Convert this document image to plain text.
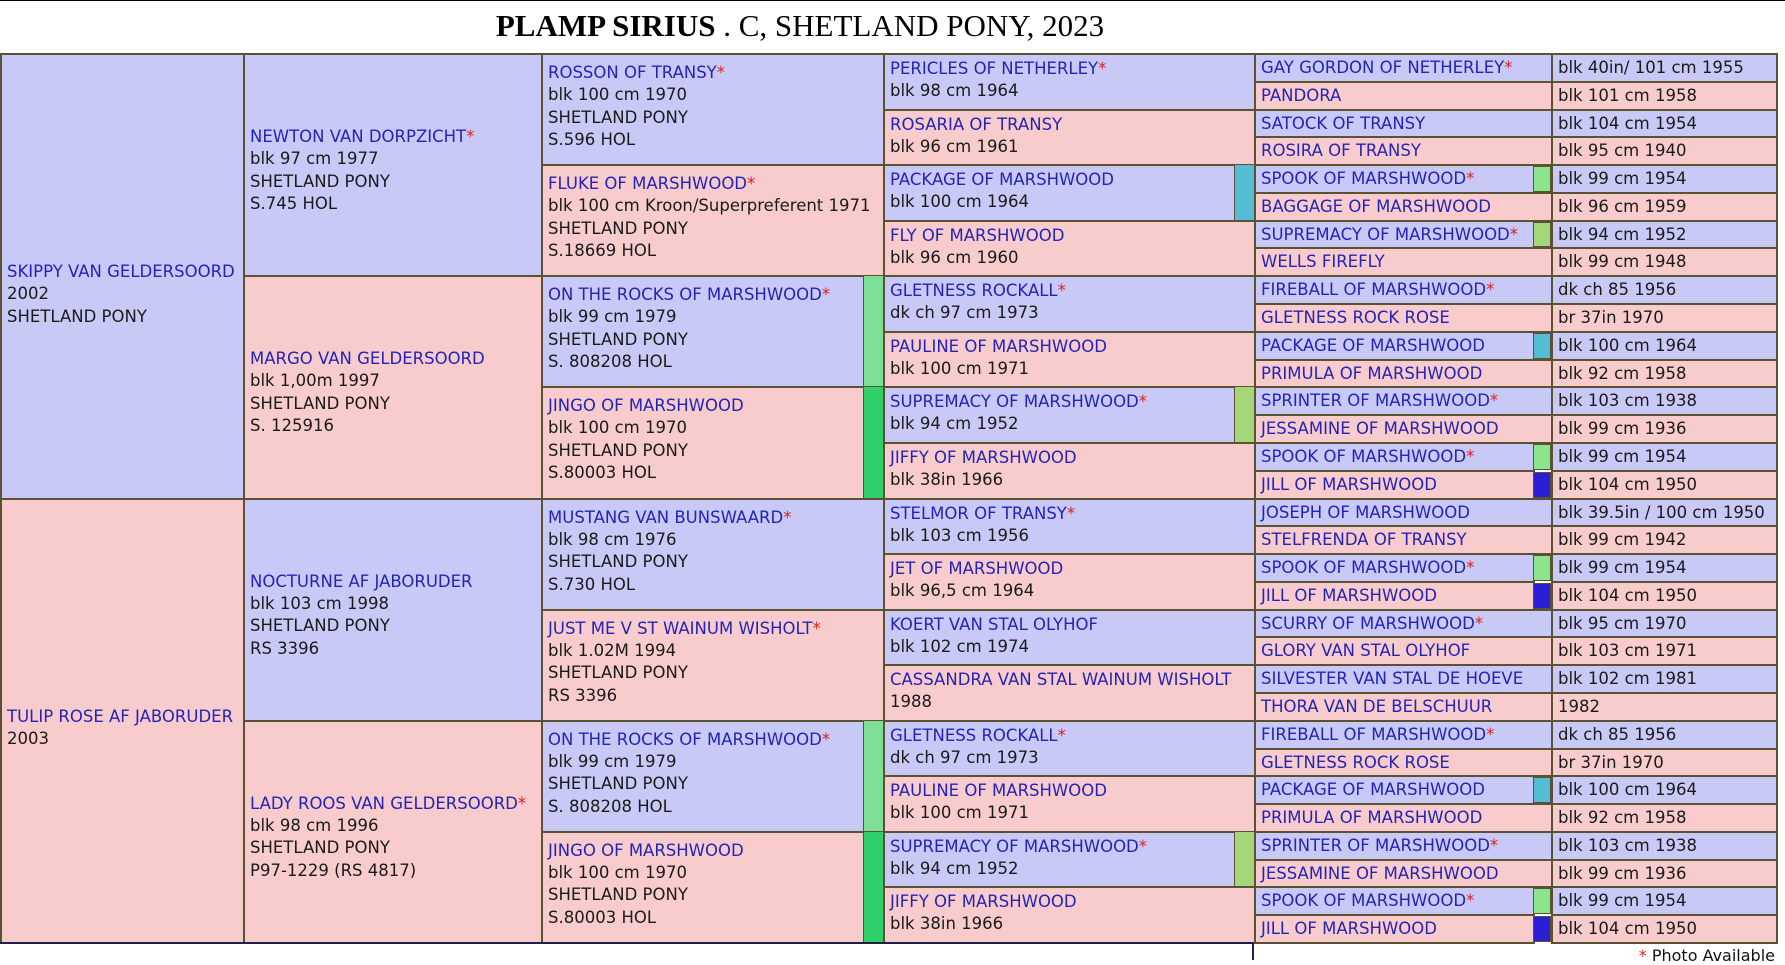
PLAMP SIRIUS . C, SHETLAND PONY, 2023
SKIPPY VAN GELDERSOORD
2002
SHETLAND PONY
TULIP ROSE AF JABORUDER
2003
NEWTON VAN DORPZICHT*
blk 97 cm 1977
SHETLAND PONY
S.745 HOL
MARGO VAN GELDERSOORD
blk 1,00m 1997
SHETLAND PONY
S. 125916
NOCTURNE AF JABORUDER
blk 103 cm 1998
SHETLAND PONY
RS 3396
LADY ROOS VAN GELDERSOORD*
blk 98 cm 1996
SHETLAND PONY
P97-1229 (RS 4817)
ROSSON OF TRANSY*
blk 100 cm 1970
SHETLAND PONY
S.596 HOL
FLUKE OF MARSHWOOD*
blk 100 cm Kroon/Superpreferent 1971
SHETLAND PONY
S.18669 HOL
ON THE ROCKS OF MARSHWOOD*
blk 99 cm 1979
SHETLAND PONY
S. 808208 HOL
JINGO OF MARSHWOOD
blk 100 cm 1970
SHETLAND PONY
S.80003 HOL
MUSTANG VAN BUNSWAARD*
blk 98 cm 1976
SHETLAND PONY
S.730 HOL
JUST ME V ST WAINUM WISHOLT*
blk 1.02M 1994
SHETLAND PONY
RS 3396
ON THE ROCKS OF MARSHWOOD*
blk 99 cm 1979
SHETLAND PONY
S. 808208 HOL
JINGO OF MARSHWOOD
blk 100 cm 1970
SHETLAND PONY
S.80003 HOL
PERICLES OF NETHERLEY*
blk 98 cm 1964
ROSARIA OF TRANSY
blk 96 cm 1961
PACKAGE OF MARSHWOOD
blk 100 cm 1964
FLY OF MARSHWOOD
blk 96 cm 1960
GLETNESS ROCKALL*
dk ch 97 cm 1973
PAULINE OF MARSHWOOD
blk 100 cm 1971
SUPREMACY OF MARSHWOOD*
blk 94 cm 1952
JIFFY OF MARSHWOOD
blk 38in 1966
STELMOR OF TRANSY*
blk 103 cm 1956
JET OF MARSHWOOD
blk 96,5 cm 1964
KOERT VAN STAL OLYHOF
blk 102 cm 1974
CASSANDRA VAN STAL WAINUM WISHOLT
1988
GLETNESS ROCKALL*
dk ch 97 cm 1973
PAULINE OF MARSHWOOD
blk 100 cm 1971
SUPREMACY OF MARSHWOOD*
blk 94 cm 1952
JIFFY OF MARSHWOOD
blk 38in 1966
GAY GORDON OF NETHERLEY*	blk 40in/ 101 cm 1955
PANDORA	blk 101 cm 1958
SATOCK OF TRANSY	blk 104 cm 1954
ROSIRA OF TRANSY	blk 95 cm 1940
SPOOK OF MARSHWOOD*	blk 99 cm 1954
BAGGAGE OF MARSHWOOD	blk 96 cm 1959
SUPREMACY OF MARSHWOOD*	blk 94 cm 1952
WELLS FIREFLY	blk 99 cm 1948
FIREBALL OF MARSHWOOD*	dk ch 85 1956
GLETNESS ROCK ROSE	br 37in 1970
PACKAGE OF MARSHWOOD	blk 100 cm 1964
PRIMULA OF MARSHWOOD	blk 92 cm 1958
SPRINTER OF MARSHWOOD*	blk 103 cm 1938
JESSAMINE OF MARSHWOOD	blk 99 cm 1936
SPOOK OF MARSHWOOD*	blk 99 cm 1954
JILL OF MARSHWOOD	blk 104 cm 1950
JOSEPH OF MARSHWOOD	blk 39.5in / 100 cm 1950
STELFRENDA OF TRANSY	blk 99 cm 1942
SPOOK OF MARSHWOOD*	blk 99 cm 1954
JILL OF MARSHWOOD	blk 104 cm 1950
SCURRY OF MARSHWOOD*	blk 95 cm 1970
GLORY VAN STAL OLYHOF	blk 103 cm 1971
SILVESTER VAN STAL DE HOEVE	blk 102 cm 1981
THORA VAN DE BELSCHUUR	1982
FIREBALL OF MARSHWOOD*	dk ch 85 1956
GLETNESS ROCK ROSE	br 37in 1970
PACKAGE OF MARSHWOOD	blk 100 cm 1964
PRIMULA OF MARSHWOOD	blk 92 cm 1958
SPRINTER OF MARSHWOOD*	blk 103 cm 1938
JESSAMINE OF MARSHWOOD	blk 99 cm 1936
SPOOK OF MARSHWOOD*	blk 99 cm 1954
JILL OF MARSHWOOD	blk 104 cm 1950
* Photo Available
